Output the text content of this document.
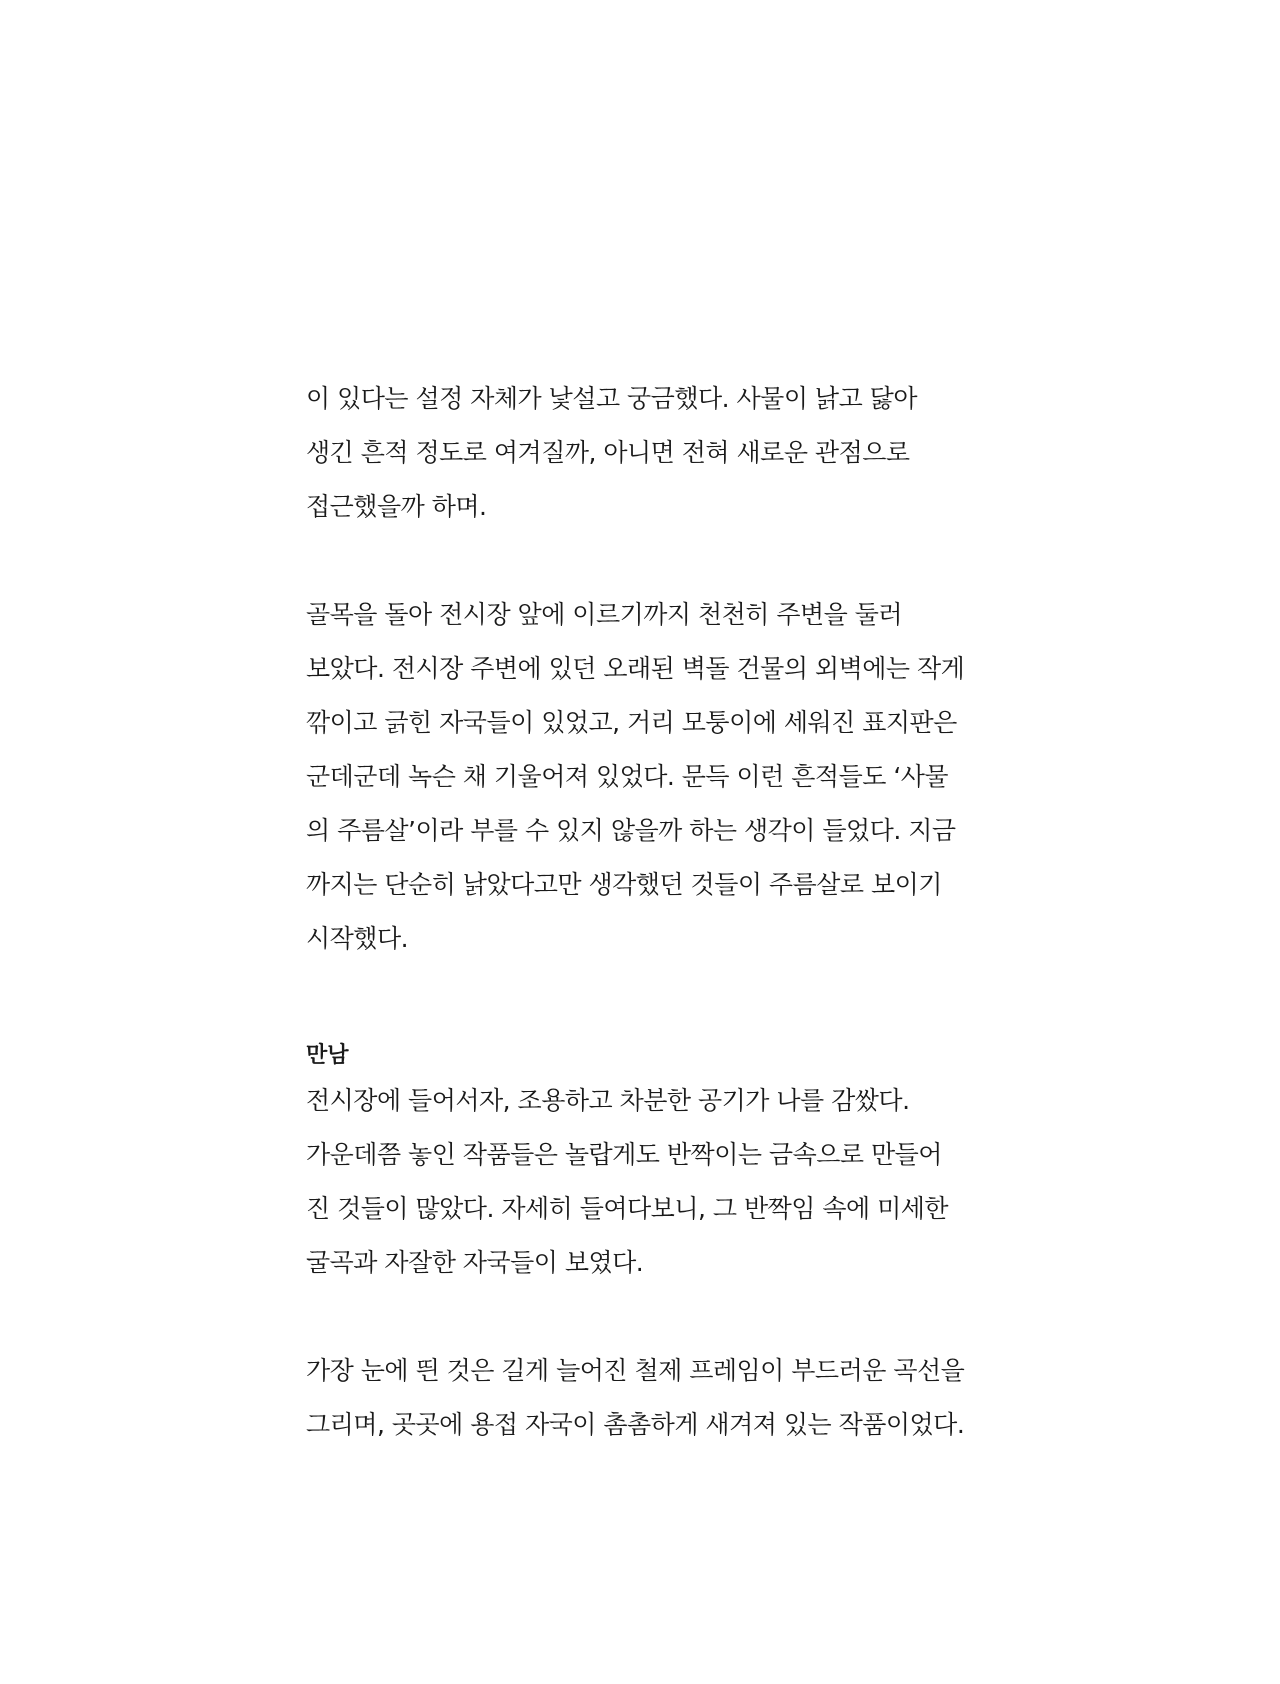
이 있다는 설정 자체가 낯설고 궁금했다. 사물이 낡고 닳아
생긴 흔적 정도로 여겨질까, 아니면 전혀 새로운 관점으로
접근했을까 하며.

골목을 돌아 전시장 앞에 이르기까지 천천히 주변을 둘러
보았다. 전시장 주변에 있던 오래된 벽돌 건물의 외벽에는 작게
깎이고 긁힌 자국들이 있었고, 거리 모퉁이에 세워진 표지판은
군데군데 녹슨 채 기울어져 있었다. 문득 이런 흔적들도 ‘사물
의 주름살’이라 부를 수 있지 않을까 하는 생각이 들었다. 지금
까지는 단순히 낡았다고만 생각했던 것들이 주름살로 보이기
시작했다.

만남

전시장에 들어서자, 조용하고 차분한 공기가 나를 감쌌다.
가운데쯤 놓인 작품들은 놀랍게도 반짝이는 금속으로 만들어
진 것들이 많았다. 자세히 들여다보니, 그 반짝임 속에 미세한
굴곡과 자잘한 자국들이 보였다.

가장 눈에 띈 것은 길게 늘어진 철제 프레임이 부드러운 곡선을
그리며, 곳곳에 용접 자국이 촘촘하게 새겨져 있는 작품이었다.
